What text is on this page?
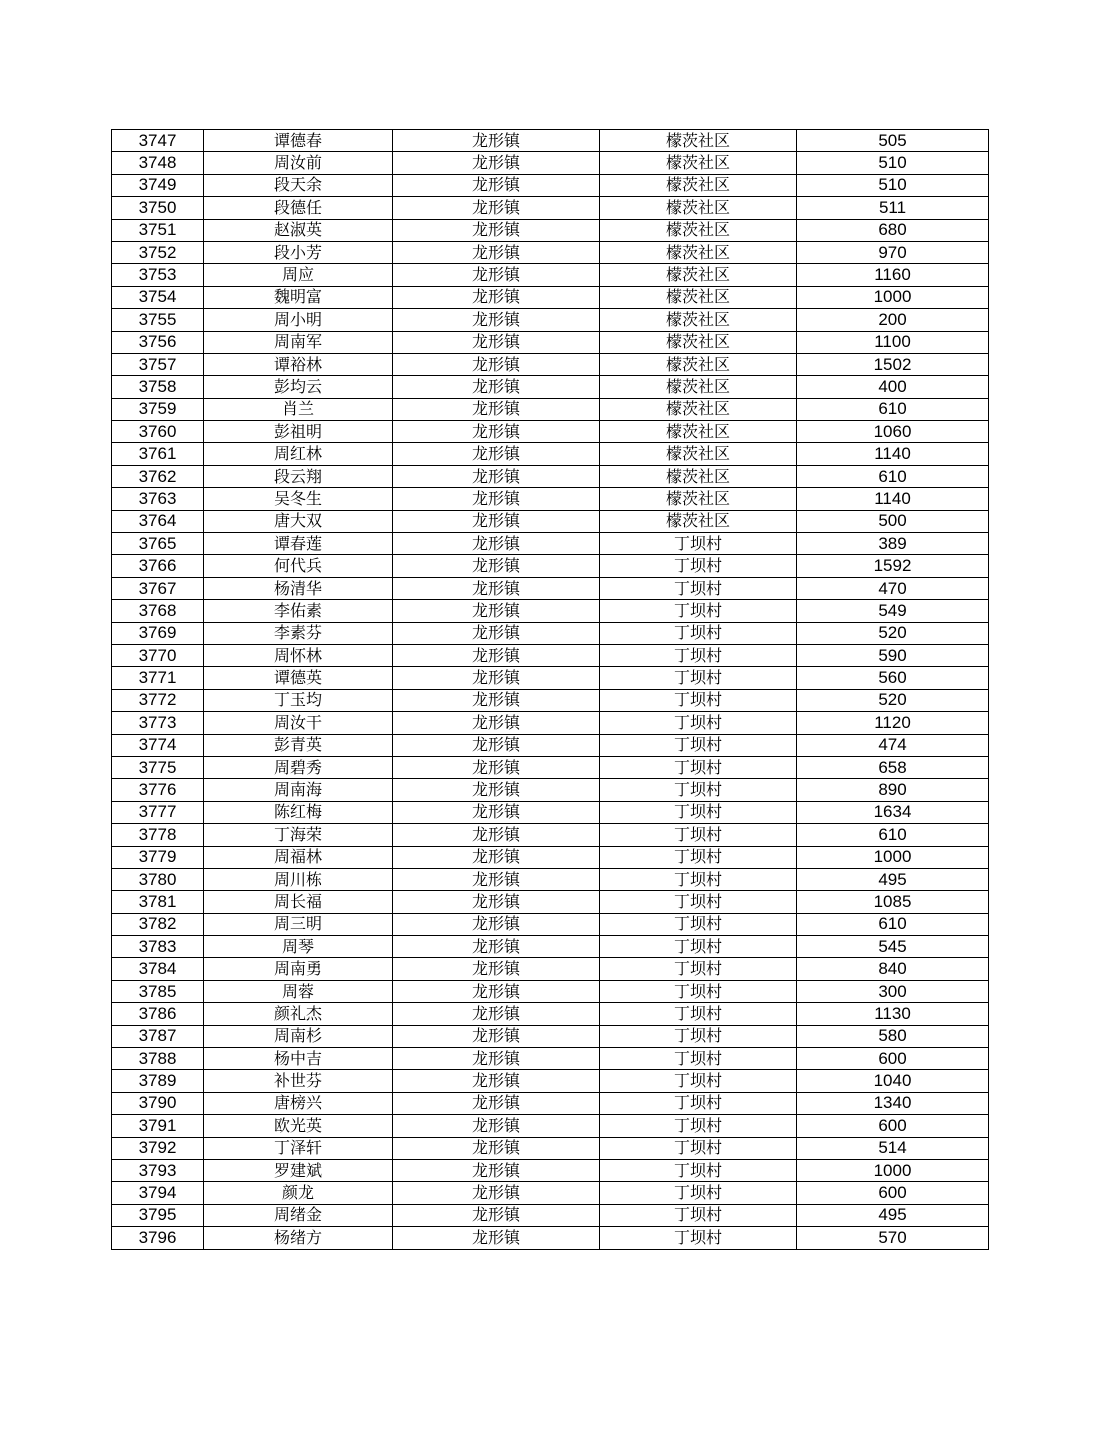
3747	谭德春	龙形镇	檬茨社区	505
3748	周汝前	龙形镇	檬茨社区	510
3749	段天余	龙形镇	檬茨社区	510
3750	段德任	龙形镇	檬茨社区	511
3751	赵淑英	龙形镇	檬茨社区	680
3752	段小芳	龙形镇	檬茨社区	970
3753	周应	龙形镇	檬茨社区	1160
3754	魏明富	龙形镇	檬茨社区	1000
3755	周小明	龙形镇	檬茨社区	200
3756	周南军	龙形镇	檬茨社区	1100
3757	谭裕林	龙形镇	檬茨社区	1502
3758	彭均云	龙形镇	檬茨社区	400
3759	肖兰	龙形镇	檬茨社区	610
3760	彭祖明	龙形镇	檬茨社区	1060
3761	周红林	龙形镇	檬茨社区	1140
3762	段云翔	龙形镇	檬茨社区	610
3763	吴冬生	龙形镇	檬茨社区	1140
3764	唐大双	龙形镇	檬茨社区	500
3765	谭春莲	龙形镇	丁坝村	389
3766	何代兵	龙形镇	丁坝村	1592
3767	杨清华	龙形镇	丁坝村	470
3768	李佑素	龙形镇	丁坝村	549
3769	李素芬	龙形镇	丁坝村	520
3770	周怀林	龙形镇	丁坝村	590
3771	谭德英	龙形镇	丁坝村	560
3772	丁玉均	龙形镇	丁坝村	520
3773	周汝干	龙形镇	丁坝村	1120
3774	彭青英	龙形镇	丁坝村	474
3775	周碧秀	龙形镇	丁坝村	658
3776	周南海	龙形镇	丁坝村	890
3777	陈红梅	龙形镇	丁坝村	1634
3778	丁海荣	龙形镇	丁坝村	610
3779	周福林	龙形镇	丁坝村	1000
3780	周川栋	龙形镇	丁坝村	495
3781	周长福	龙形镇	丁坝村	1085
3782	周三明	龙形镇	丁坝村	610
3783	周琴	龙形镇	丁坝村	545
3784	周南勇	龙形镇	丁坝村	840
3785	周蓉	龙形镇	丁坝村	300
3786	颜礼杰	龙形镇	丁坝村	1130
3787	周南杉	龙形镇	丁坝村	580
3788	杨中吉	龙形镇	丁坝村	600
3789	补世芬	龙形镇	丁坝村	1040
3790	唐榜兴	龙形镇	丁坝村	1340
3791	欧光英	龙形镇	丁坝村	600
3792	丁泽轩	龙形镇	丁坝村	514
3793	罗建斌	龙形镇	丁坝村	1000
3794	颜龙	龙形镇	丁坝村	600
3795	周绪金	龙形镇	丁坝村	495
3796	杨绪方	龙形镇	丁坝村	570
